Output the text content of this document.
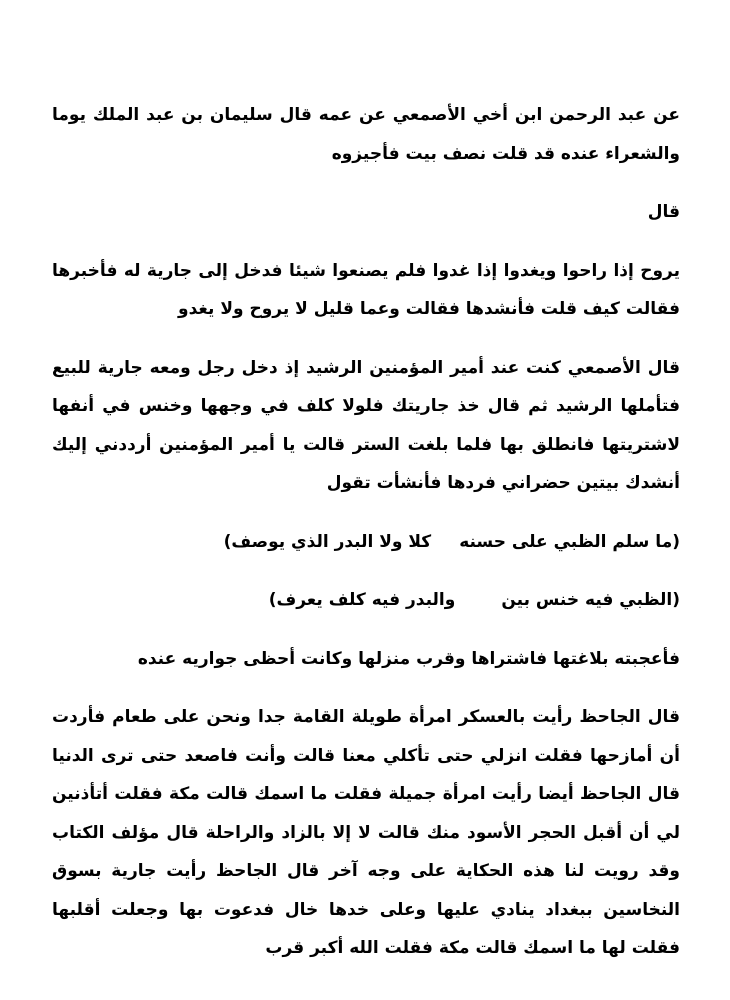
عن عبد الرحمن ابن أخي الأصمعي عن عمه قال سليمان بن عبد الملك يوما والشعراء عنده قد قلت نصف بيت فأجيزوه

قال

يروح إذا راحوا ويغدوا إذا غدوا فلم يصنعوا شيئا فدخل إلى جارية له فأخبرها فقالت كيف قلت فأنشدها فقالت وعما قليل لا يروح ولا يغدو

قال الأصمعي كنت عند أمير المؤمنين الرشيد إذ دخل رجل ومعه جارية للبيع فتأملها الرشيد ثم قال خذ جاريتك فلولا كلف في وجهها وخنس في أنفها لاشتريتها فانطلق بها فلما بلغت الستر قالت يا أمير المؤمنين أرددني إليك أنشدك بيتين حضراني فردها فأنشأت تقول

(ما سلم الظبي على حسنهكلا ولا البدر الذي يوصف)
(الظبي فيه خنس بينوالبدر فيه كلف يعرف)

فأعجبته بلاغتها فاشتراها وقرب منزلها وكانت أحظى جواريه عنده

قال الجاحظ رأيت بالعسكر امرأة طويلة القامة جدا ونحن على طعام فأردت أن أمازحها فقلت انزلي حتى تأكلي معنا قالت وأنت فاصعد حتى ترى الدنيا قال الجاحظ أيضا رأيت امرأة جميلة فقلت ما اسمك قالت مكة فقلت أتأذنين لي أن أقبل الحجر الأسود منك قالت لا إلا بالزاد والراحلة قال مؤلف الكتاب وقد رويت لنا هذه الحكاية على وجه آخر قال الجاحظ رأيت جارية بسوق النخاسين ببغداد ينادي عليها وعلى خدها خال فدعوت بها وجعلت أقلبها فقلت لها ما اسمك قالت مكة فقلت الله أكبر قرب
